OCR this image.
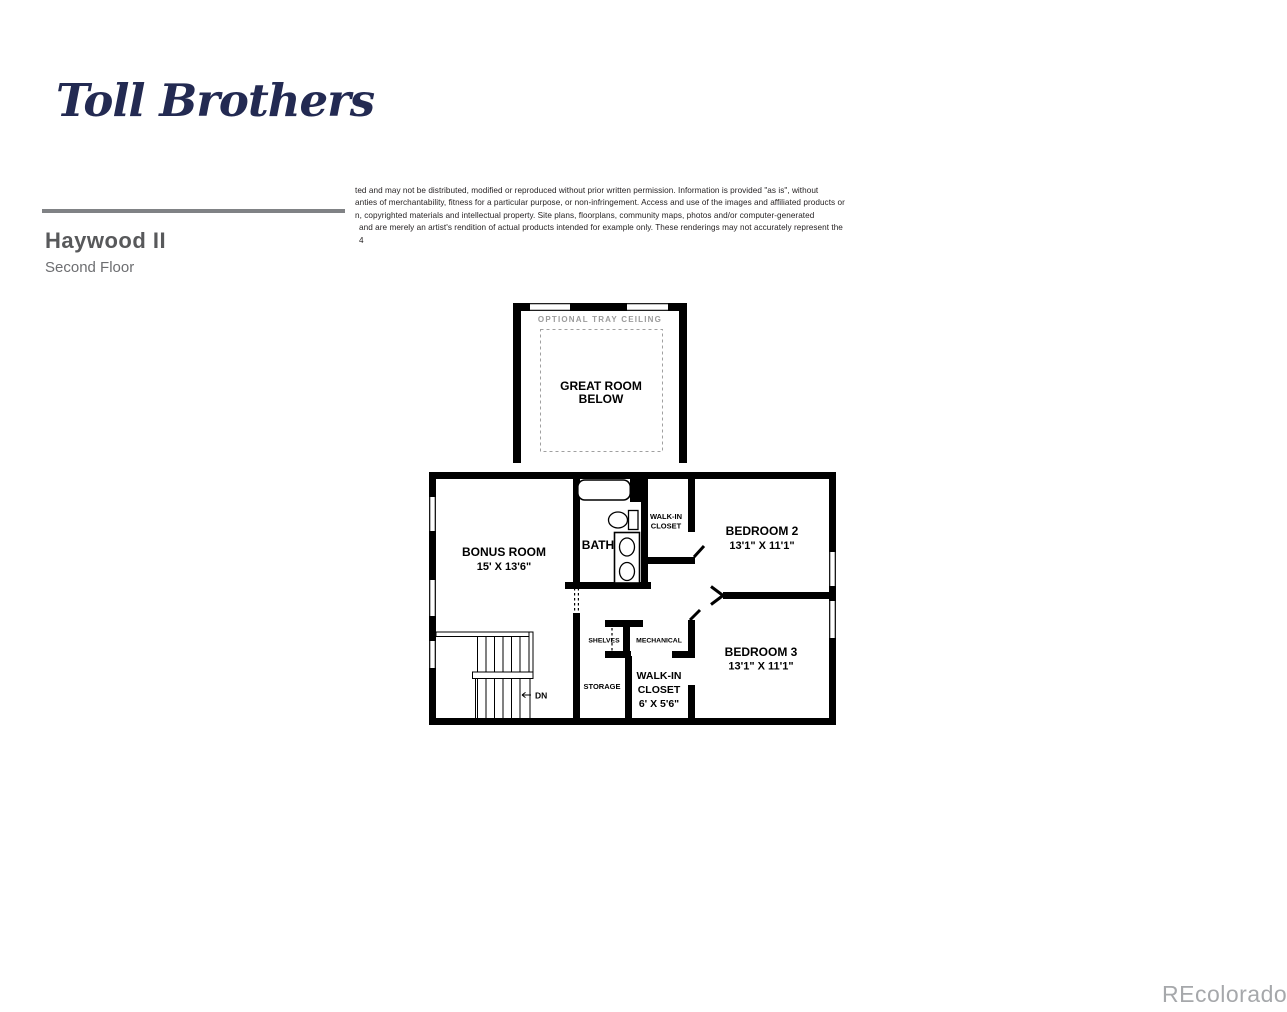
Toll Brothers
Haywood II
Second Floor
ted and may not be distributed, modified or reproduced without prior written permission. Information is provided "as is", without
anties of merchantability, fitness for a particular purpose, or non-infringement. Access and use of the images and affiliated products or
n, copyrighted materials and intellectual property. Site plans, floorplans, community maps, photos and/or computer-generated
and are merely an artist's rendition of actual products intended for example only. These renderings may not accurately represent the
4
OPTIONAL TRAY CEILING
GREAT ROOM
BELOW
DN
BONUS ROOM
15' X 13'6"
BATH
WALK-IN
CLOSET	BEDROOM 2
13'1" X 11'1"
BEDROOM 3
13'1" X 11'1"
SHELVES MECHANICAL
STORAGE
WALK-IN
CLOSET
6' X 5'6"
REcolorado
